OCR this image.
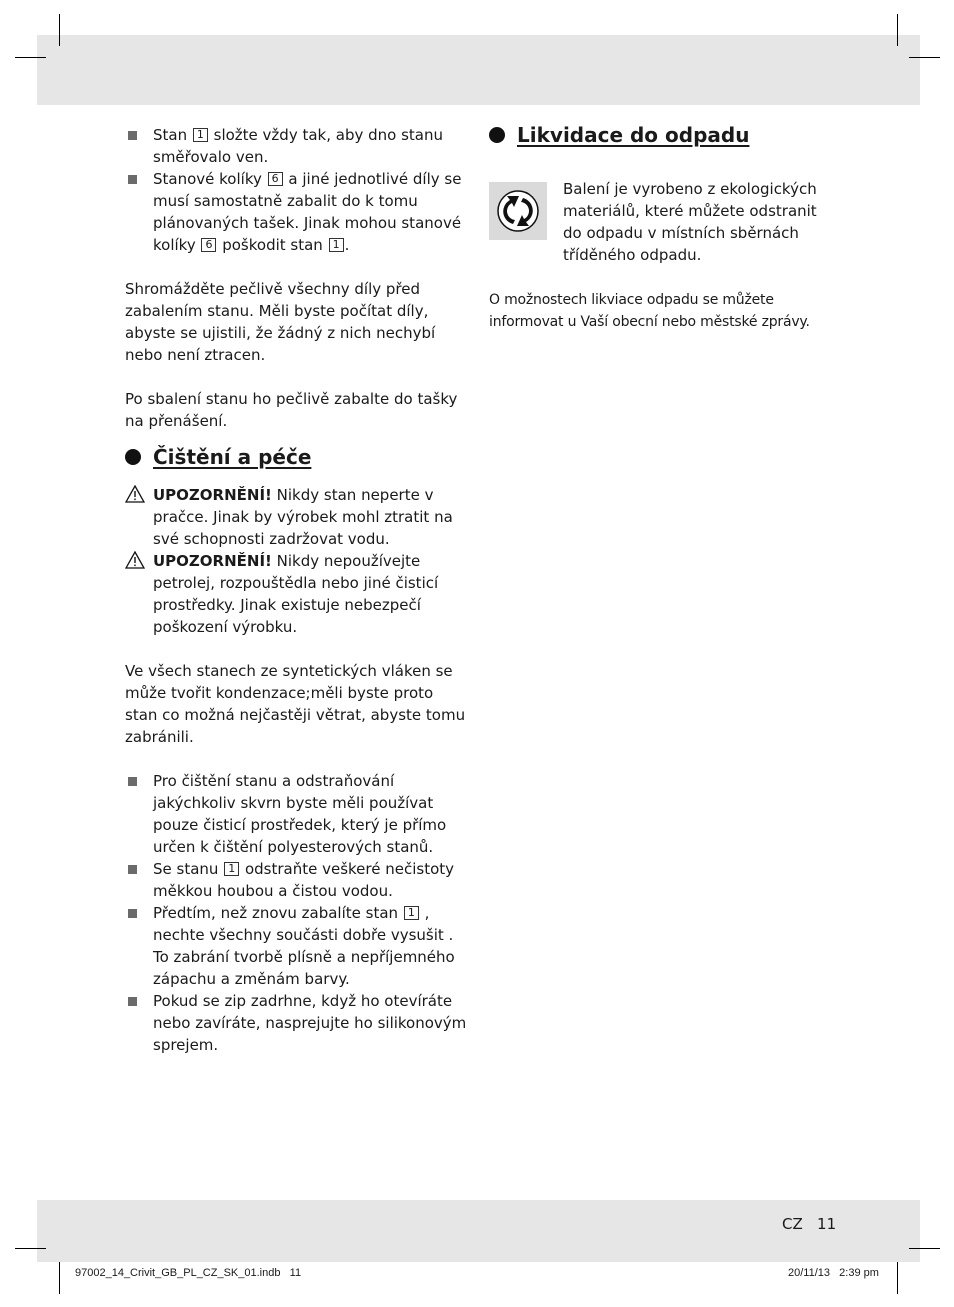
Stan 1 složte vždy tak, aby dno stanu směřovalo ven.

Stanové kolíky 6 a jiné jednotlivé díly se musí samostatně zabalit do k tomu plánovaných tašek. Jinak mohou stanové kolíky 6 poškodit stan 1 .

Shromážděte pečlivě všechny díly před zabalením stanu. Měli byste počítat díly, abyste se ujistili, že žádný z nich nechybí nebo není ztracen.

Po sbalení stanu ho pečlivě zabalte do tašky na přenášení.

Čištění a péče

UPOZORNĚNÍ! Nikdy stan neperte v pračce. Jinak by výrobek mohl ztratit na své schopnosti zadržovat vodu.

UPOZORNĚNÍ! Nikdy nepoužívejte petrolej, rozpouštědla nebo jiné čisticí prostředky. Jinak existuje nebezpečí poškození výrobku.

Ve všech stanech ze syntetických vláken se může tvořit kondenzace;měli byste proto stan co možná nejčastěji větrat, abyste tomu zabránili.

Pro čištění stanu a odstraňování jakýchkoliv skvrn byste měli používat pouze čisticí prostředek, který je přímo určen k čištění polyesterových stanů.

Se stanu 1 odstraňte veškeré nečistoty měkkou houbou a čistou vodou.

Předtím, než znovu zabalíte stan 1 , nechte všechny součásti dobře vysušit . To zabrání tvorbě plísně a nepříjemného zápachu a změnám barvy.

Pokud se zip zadrhne, když ho otevíráte nebo zavíráte, nasprejujte ho silikonovým sprejem.

Likvidace do odpadu

Balení je vyrobeno z ekologických materiálů, které můžete odstranit do odpadu v místních sběrnách tříděného odpadu.

O možnostech likviace odpadu se můžete informovat u Vaší obecní nebo městské zprávy.

CZ   11
97002_14_Crivit_GB_PL_CZ_SK_01.indb   11	20/11/13   2:39 pm
